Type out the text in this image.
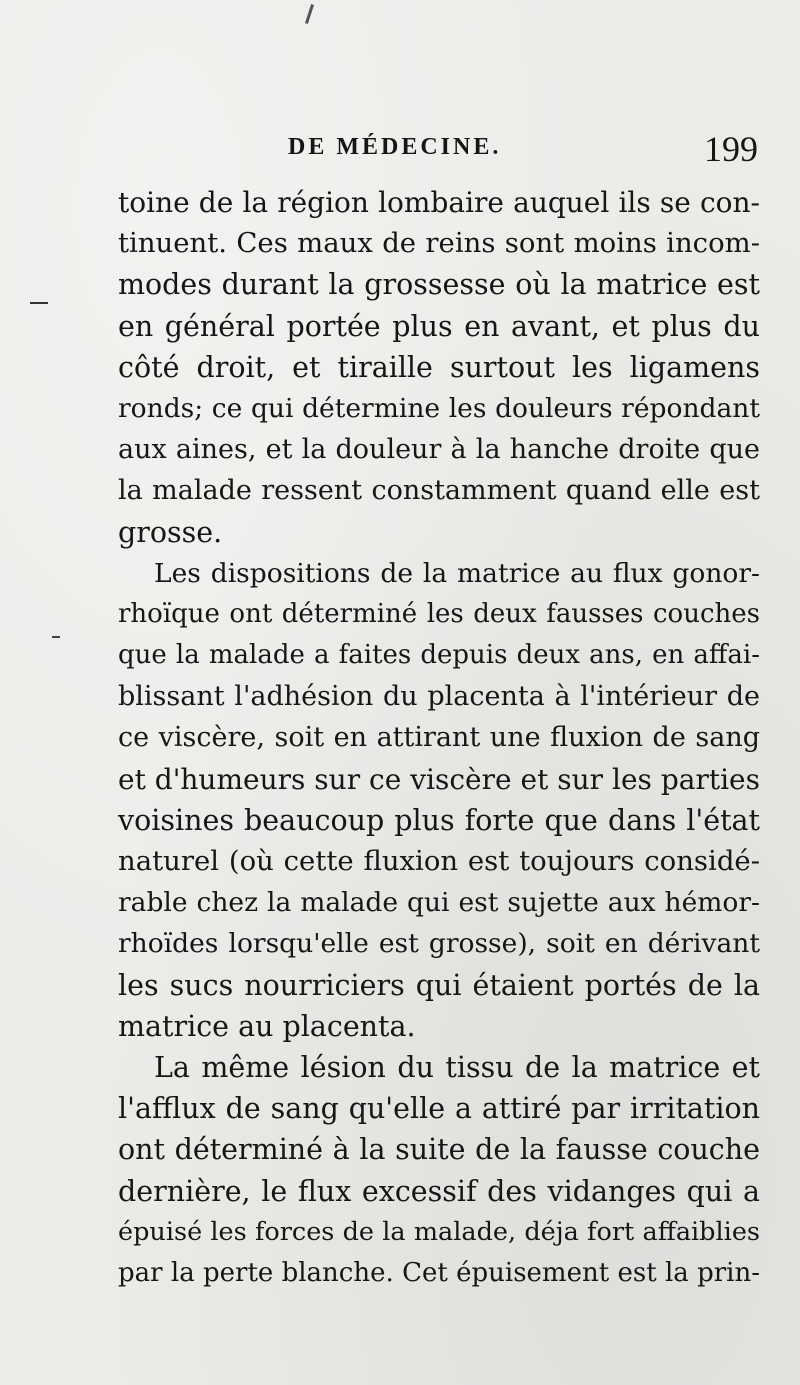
DE MÉDECINE.	199
toine de la région lombaire auquel ils se con-
tinuent. Ces maux de reins sont moins incom-
modes durant la grossesse où la matrice est
en général portée plus en avant, et plus du
côté droit, et tiraille surtout les ligamens
ronds; ce qui détermine les douleurs répondant
aux aines, et la douleur à la hanche droite que
la malade ressent constamment quand elle est
grosse.
Les dispositions de la matrice au flux gonor-
rhoïque ont déterminé les deux fausses couches
que la malade a faites depuis deux ans, en affai-
blissant l'adhésion du placenta à l'intérieur de
ce viscère, soit en attirant une fluxion de sang
et d'humeurs sur ce viscère et sur les parties
voisines beaucoup plus forte que dans l'état
naturel (où cette fluxion est toujours considé-
rable chez la malade qui est sujette aux hémor-
rhoïdes lorsqu'elle est grosse), soit en dérivant
les sucs nourriciers qui étaient portés de la
matrice au placenta.
La même lésion du tissu de la matrice et
l'afflux de sang qu'elle a attiré par irritation
ont déterminé à la suite de la fausse couche
dernière, le flux excessif des vidanges qui a
épuisé les forces de la malade, déja fort affaiblies
par la perte blanche. Cet épuisement est la prin-
